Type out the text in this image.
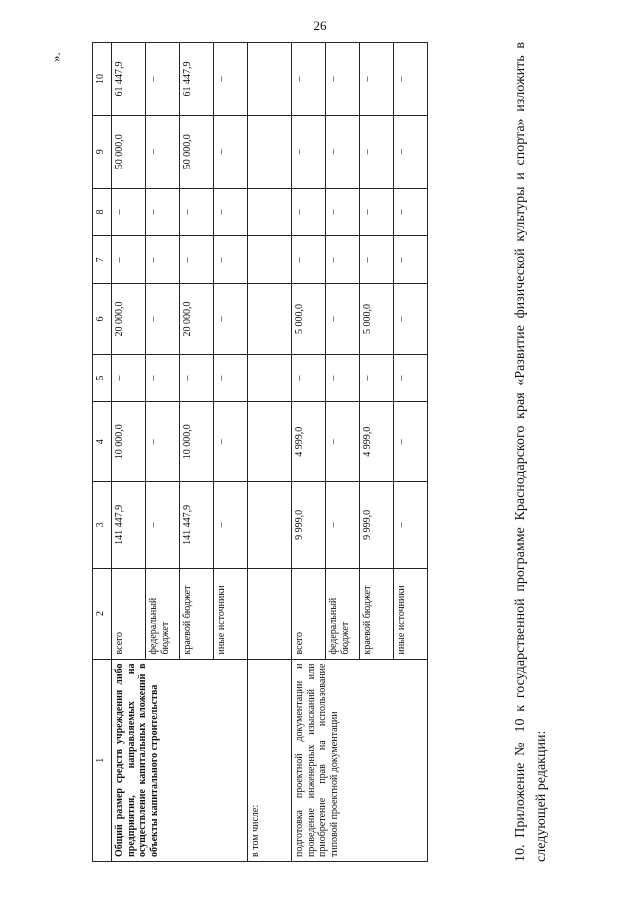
26
».
1	2	3	4	5	6	7	8	9	10
Общий размер средств учреждения либо предприятия, направляемых на осуществление капитальных вложений в объекты капитального строительства	всего	141 447,9	10 000,0	–	20 000,0	–	–	50 000,0	61 447,9
	федеральный бюджет	–	–	–	–	–	–	–	–
	краевой бюджет	141 447,9	10 000,0	–	20 000,0	–	–	50 000,0	61 447,9
	иные источники	–	–	–	–	–	–	–	–
в том числе:									
подготовка проектной документации и проведение инженерных изысканий или приобретение прав на использование типовой проектной документации	всего	9 999,0	4 999,0	–	5 000,0	–	–	–	–
	федеральный бюджет	–	–	–	–	–	–	–	–
	краевой бюджет	9 999,0	4 999,0	–	5 000,0	–	–	–	–
	иные источники	–	–	–	–	–	–	–	–	10. Приложение № 10 к государственной программе Краснодарского края «Развитие физической культуры и спорта» изложить в следующей редакции:
